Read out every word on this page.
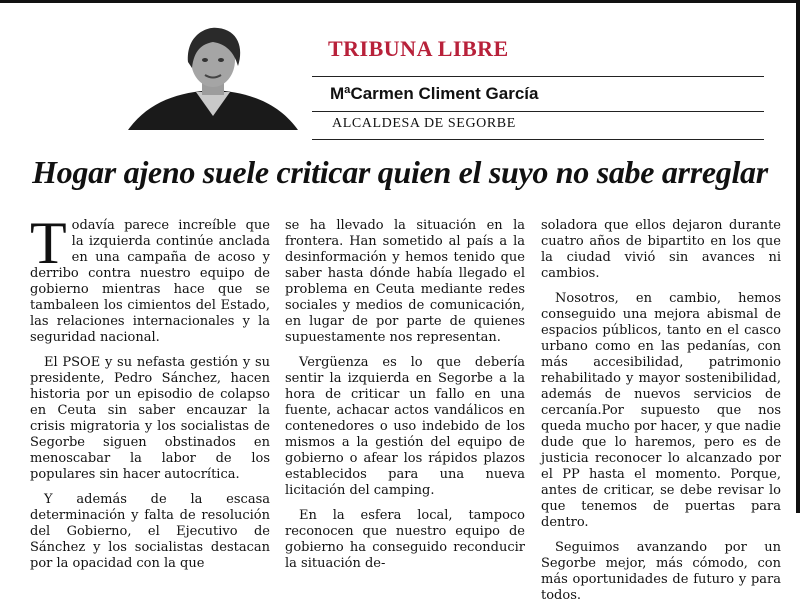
TRIBUNA LIBRE
MªCarmen Climent García
ALCALDESA DE SEGORBE
Hogar ajeno suele criticar quien el suyo no sabe arreglar

Todavía parece increíble que la izquierda continúe anclada en una campaña de acoso y derribo contra nuestro equipo de gobierno mientras hace que se tambaleen los cimientos del Estado, las relaciones internacionales y la seguridad nacional.

El PSOE y su nefasta gestión y su presidente, Pedro Sánchez, hacen historia por un episodio de colapso en Ceuta sin saber encauzar la crisis migratoria y los socialistas de Segorbe siguen obstinados en menoscabar la labor de los populares sin hacer autocrítica.

Y además de la escasa determinación y falta de resolución del Gobierno, el Ejecutivo de Sánchez y los socialistas destacan por la opacidad con la que

se ha llevado la situación en la frontera. Han sometido al país a la desinformación y hemos tenido que saber hasta dónde había llegado el problema en Ceuta mediante redes sociales y medios de comunicación, en lugar de por parte de quienes supuestamente nos representan.

Vergüenza es lo que debería sentir la izquierda en Segorbe a la hora de criticar un fallo en una fuente, achacar actos vandálicos en contenedores o uso indebido de los mismos a la gestión del equipo de gobierno o afear los rápidos plazos establecidos para una nueva licitación del camping.

En la esfera local, tampoco reconocen que nuestro equipo de gobierno ha conseguido reconducir la situación de-

soladora que ellos dejaron durante cuatro años de bipartito en los que la ciudad vivió sin avances ni cambios.

Nosotros, en cambio, hemos conseguido una mejora abismal de espacios públicos, tanto en el casco urbano como en las pedanías, con más accesibilidad, patrimonio rehabilitado y mayor sostenibilidad, además de nuevos servicios de cercanía.Por supuesto que nos queda mucho por hacer, y que nadie dude que lo haremos, pero es de justicia reconocer lo alcanzado por el PP hasta el momento. Porque, antes de criticar, se debe revisar lo que tenemos de puertas para dentro.

Seguimos avanzando por un Segorbe mejor, más cómodo, con más oportunidades de futuro y para todos.
